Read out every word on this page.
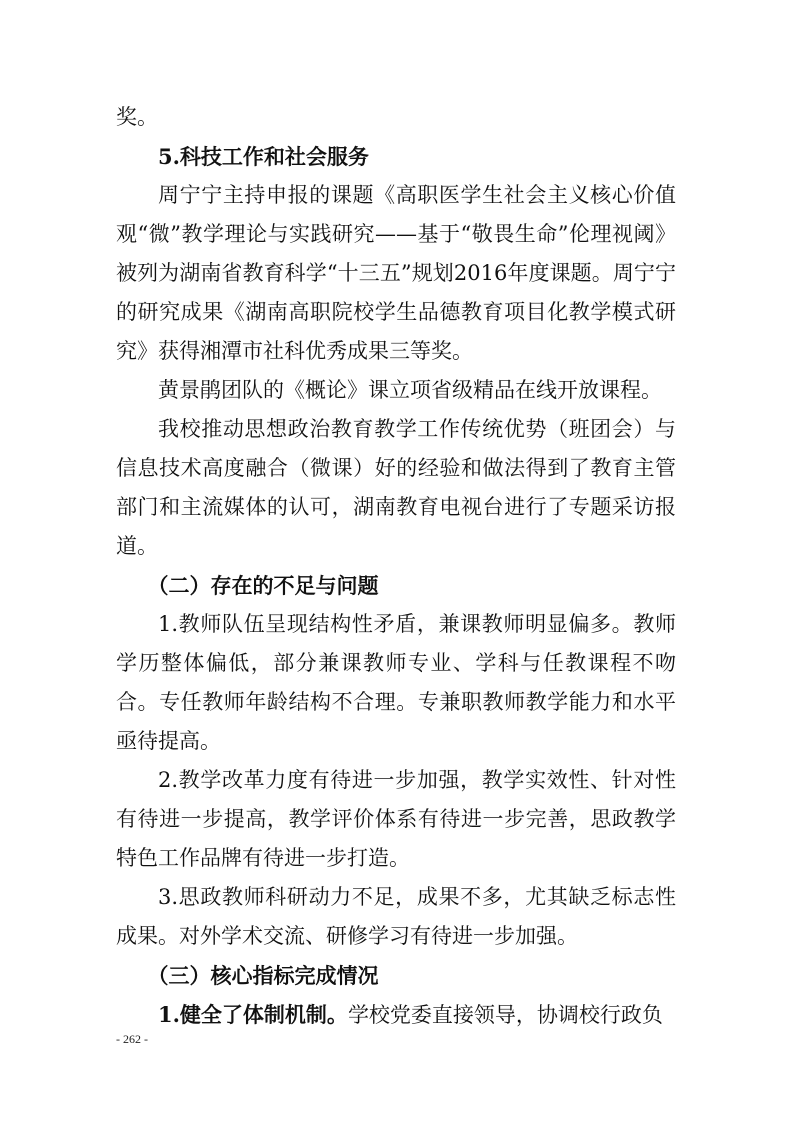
奖。

5.科技工作和社会服务

周宁宁主持申报的课题《高职医学生社会主义核心价值观“微”教学理论与实践研究——基于“敬畏生命”伦理视阈》被列为湖南省教育科学“十三五”规划2016年度课题。周宁宁的研究成果《湖南高职院校学生品德教育项目化教学模式研究》获得湘潭市社科优秀成果三等奖。

黄景鹃团队的《概论》课立项省级精品在线开放课程。

我校推动思想政治教育教学工作传统优势（班团会）与信息技术高度融合（微课）好的经验和做法得到了教育主管部门和主流媒体的认可，湖南教育电视台进行了专题采访报道。

（二）存在的不足与问题

1.教师队伍呈现结构性矛盾，兼课教师明显偏多。教师学历整体偏低，部分兼课教师专业、学科与任教课程不吻合。专任教师年龄结构不合理。专兼职教师教学能力和水平亟待提高。

2.教学改革力度有待进一步加强，教学实效性、针对性有待进一步提高，教学评价体系有待进一步完善，思政教学特色工作品牌有待进一步打造。

3.思政教师科研动力不足，成果不多，尤其缺乏标志性成果。对外学术交流、研修学习有待进一步加强。

（三）核心指标完成情况

1.健全了体制机制。学校党委直接领导，协调校行政负

- 262 -
